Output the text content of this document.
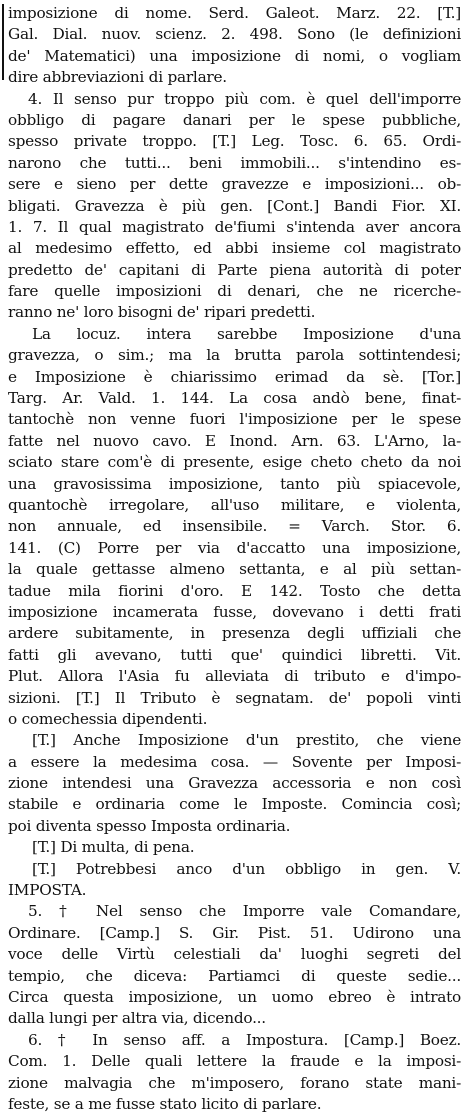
imposizione di nome. Serd. Galeot. Marz. 22. [T.]
Gal. Dial. nuov. scienz. 2. 498. Sono (le definizioni
de' Matematici) una imposizione di nomi, o vogliam
dire abbreviazioni di parlare.
4. Il senso pur troppo più com. è quel dell'imporre
obbligo di pagare danari per le spese pubbliche,
spesso private troppo. [T.] Leg. Tosc. 6. 65. Ordi-
narono che tutti... beni immobili... s'intendino es-
sere e sieno per dette gravezze e imposizioni... ob-
bligati. Gravezza è più gen. [Cont.] Bandi Fior. XI.
1. 7. Il qual magistrato de'fiumi s'intenda aver ancora
al medesimo effetto, ed abbi insieme col magistrato
predetto de' capitani di Parte piena autorità di poter
fare quelle imposizioni di denari, che ne ricerche-
ranno ne' loro bisogni de' ripari predetti.
La locuz. intera sarebbe Imposizione d'una
gravezza, o sim.; ma la brutta parola sottintendesi;
e Imposizione è chiarissimo erimad da sè. [Tor.]
Targ. Ar. Vald. 1. 144. La cosa andò bene, finat-
tantochè non venne fuori l'imposizione per le spese
fatte nel nuovo cavo. E Inond. Arn. 63. L'Arno, la-
sciato stare com'è di presente, esige cheto cheto da noi
una gravosissima imposizione, tanto più spiacevole,
quantochè irregolare, all'uso militare, e violenta,
non annuale, ed insensibile. = Varch. Stor. 6.
141. (C) Porre per via d'accatto una imposizione,
la quale gettasse almeno settanta, e al più settan-
tadue mila fiorini d'oro. E 142. Tosto che detta
imposizione incamerata fusse, dovevano i detti frati
ardere subitamente, in presenza degli uffiziali che
fatti gli avevano, tutti que' quindici libretti. Vit.
Plut. Allora l'Asia fu alleviata di tributo e d'impo-
sizioni. [T.] Il Tributo è segnatam. de' popoli vinti
o comechessia dipendenti.
[T.] Anche Imposizione d'un prestito, che viene
a essere la medesima cosa. — Sovente per Imposi-
zione intendesi una Gravezza accessoria e non così
stabile e ordinaria come le Imposte. Comincia così;
poi diventa spesso Imposta ordinaria.
[T.] Di multa, di pena.
[T.] Potrebbesi anco d'un obbligo in gen. V.
IMPOSTA.
5. † Nel senso che Imporre vale Comandare,
Ordinare. [Camp.] S. Gir. Pist. 51. Udirono una
voce delle Virtù celestiali da' luoghi segreti del
tempio, che diceva: Partiamci di queste sedie...
Circa questa imposizione, un uomo ebreo è intrato
dalla lungi per altra via, dicendo...
6. † In senso aff. a Impostura. [Camp.] Boez.
Com. 1. Delle quali lettere la fraude e la imposi-
zione malvagia che m'imposero, forano state mani-
feste, se a me fusse stato licito di parlare.
